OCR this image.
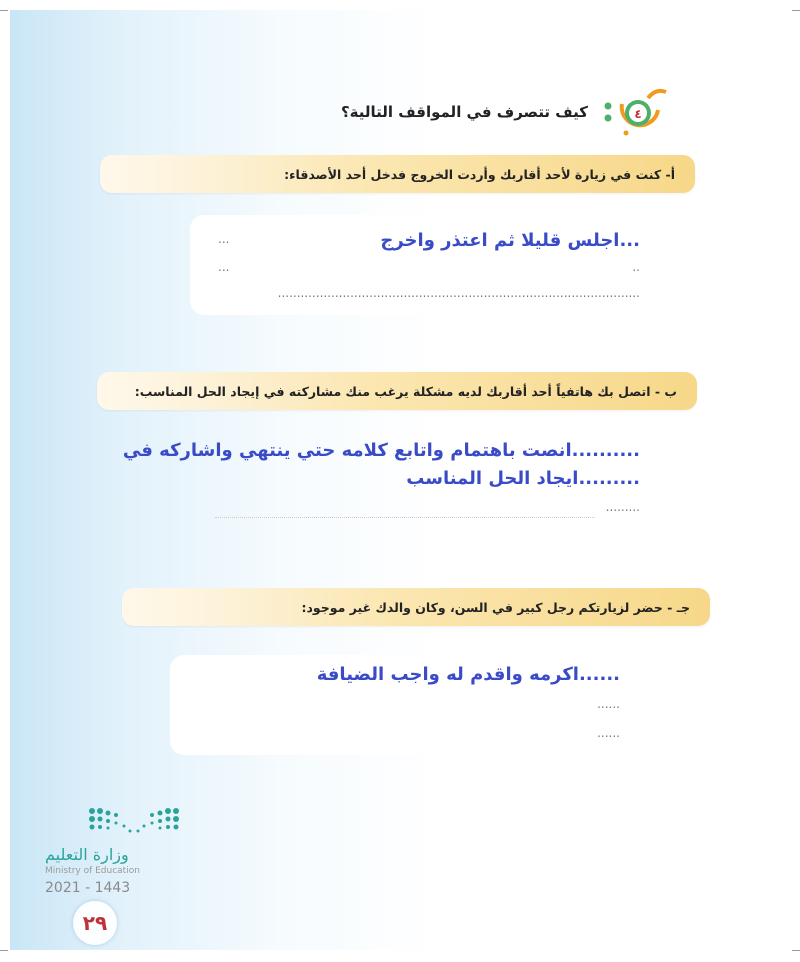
٤
كيف تتصرف في المواقف التالية؟
أ- كنت في زيارة لأحد أقاربك وأردت الخروج فدخل أحد الأصدقاء:
...اجلس قليلا ثم اعتذر واخرج
...
..
...
...............................................................................................
ب - اتصل بك هاتفياً أحد أقاربك لديه مشكلة يرغب منك مشاركته في إيجاد الحل المناسب:
..........انصت باهتمام واتابع كلامه حتي ينتهي واشاركه في
.........ايجاد الحل المناسب
.........
جـ - حضر لزيارتكم رجل كبير في السن، وكان والدك غير موجود:
......اكرمه واقدم له واجب الضيافة
......
......
وزارة التعليم
Ministry of Education
2021 - 1443
٢٩
